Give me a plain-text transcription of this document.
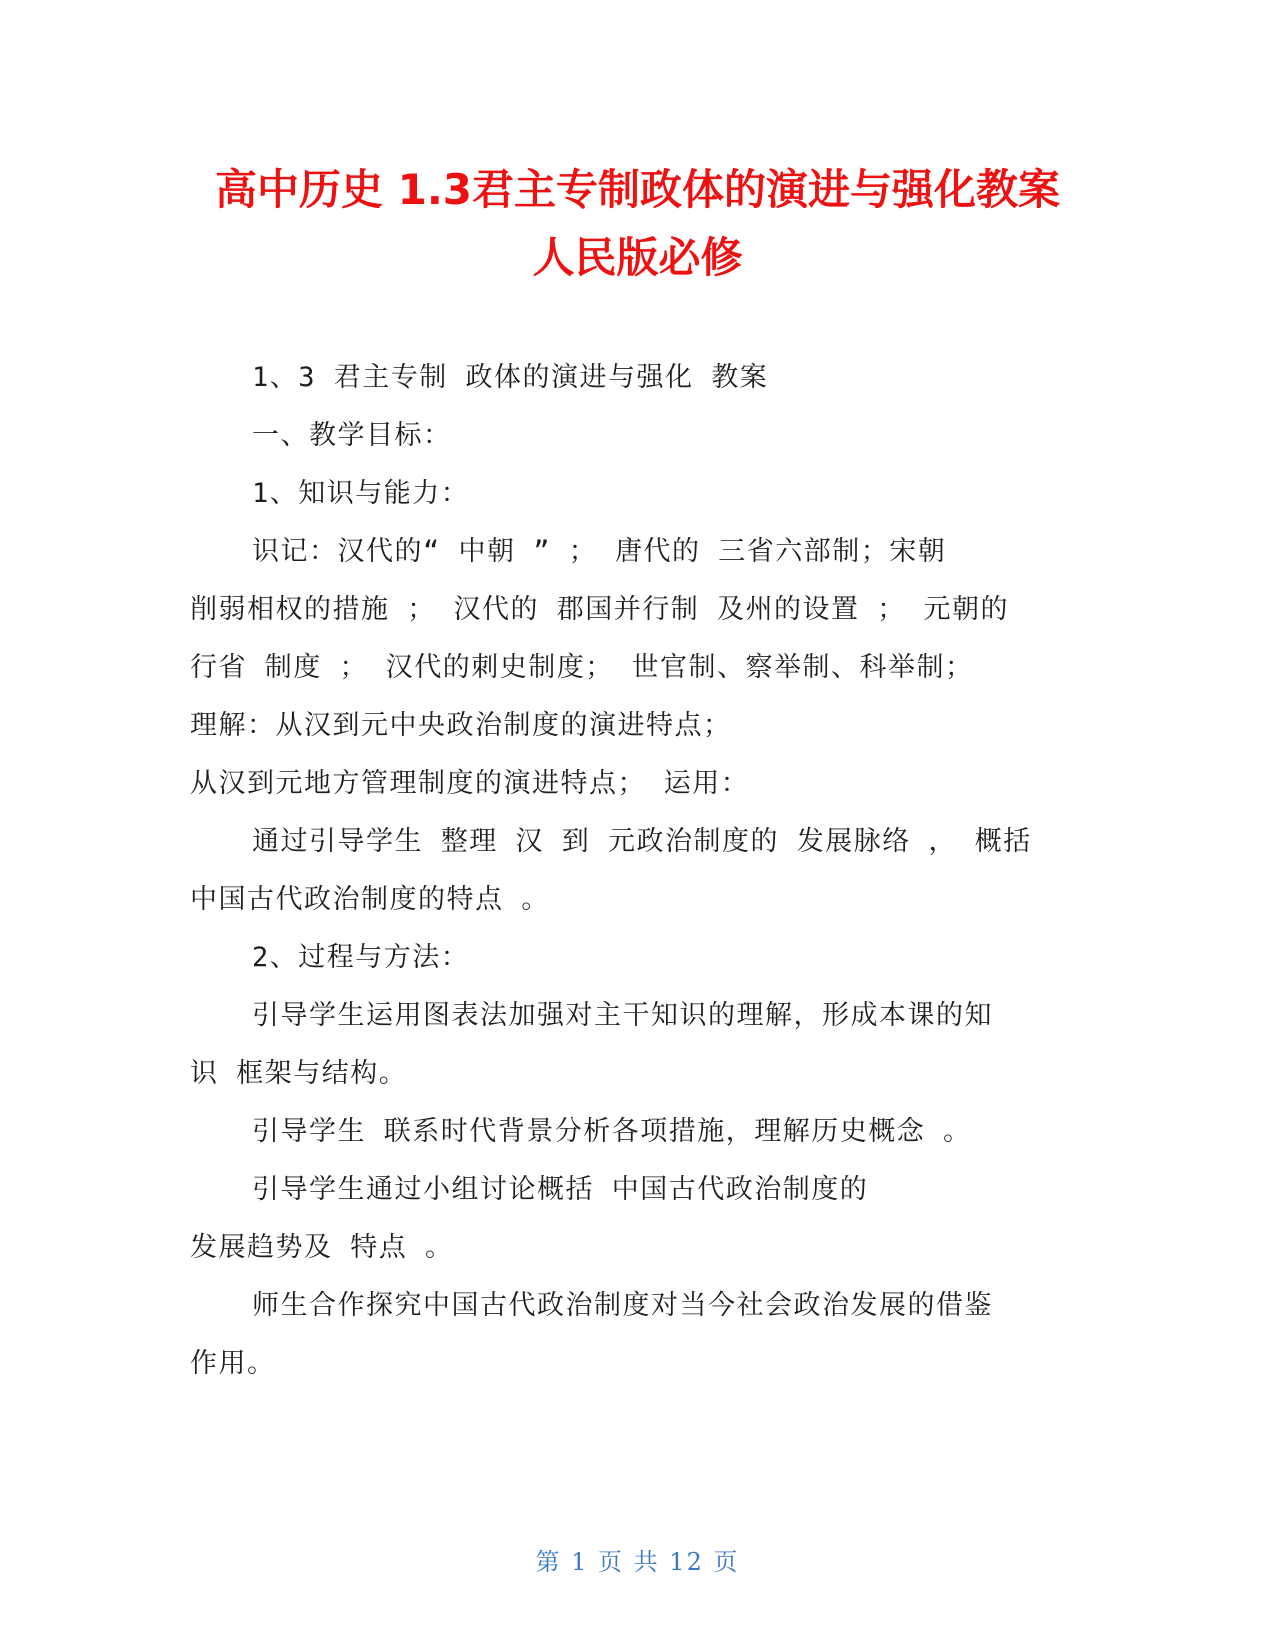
高中历史 1.3君主专制政体的演进与强化教案
人民版必修
1、3 君主专制 政体的演进与强化 教案
一、教学目标：
1、知识与能力：
识记：汉代的“ 中朝 ” ； 唐代的 三省六部制；宋朝
削弱相权的措施 ； 汉代的 郡国并行制 及州的设置 ； 元朝的
行省 制度 ； 汉代的刺史制度； 世官制、察举制、科举制；
理解：从汉到元中央政治制度的演进特点；
从汉到元地方管理制度的演进特点； 运用：
通过引导学生 整理 汉 到 元政治制度的 发展脉络 ， 概括
中国古代政治制度的特点 。
2、过程与方法：
引导学生运用图表法加强对主干知识的理解，形成本课的知
识 框架与结构。
引导学生 联系时代背景分析各项措施，理解历史概念 。
引导学生通过小组讨论概括 中国古代政治制度的
发展趋势及 特点 。
师生合作探究中国古代政治制度对当今社会政治发展的借鉴
作用。
第 1 页 共 12 页
